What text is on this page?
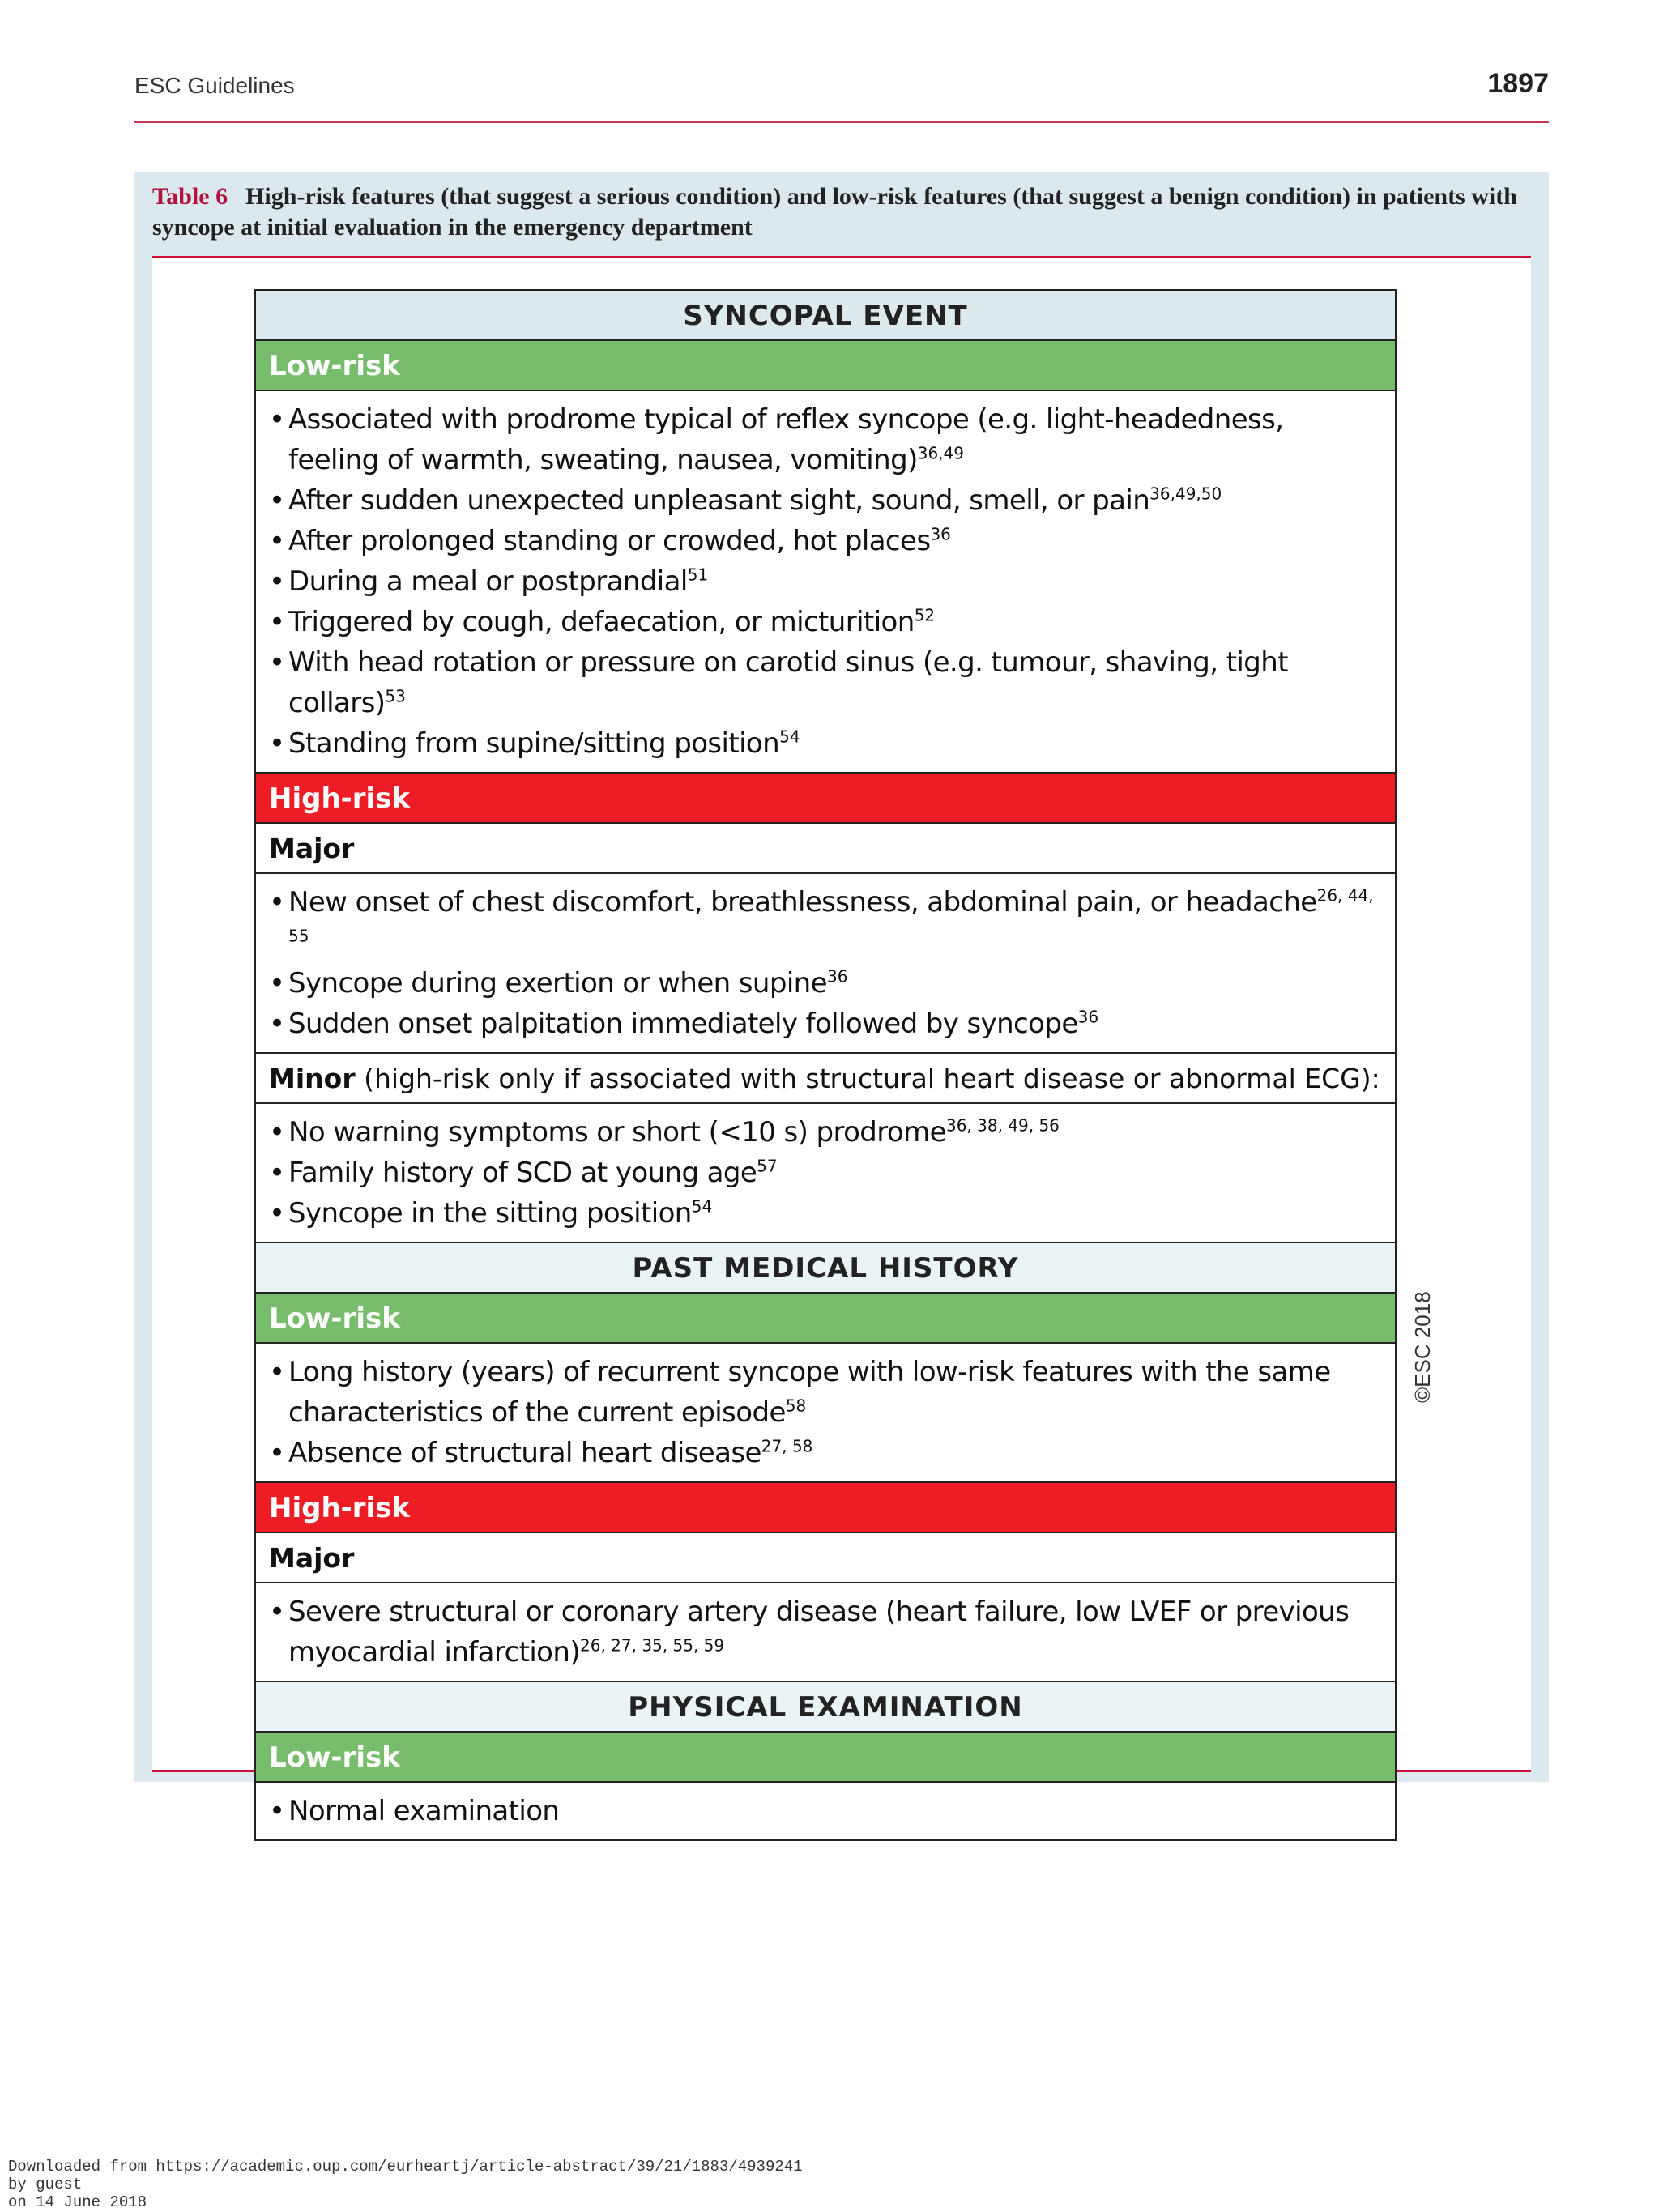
ESC Guidelines	1897
Table 6 High-risk features (that suggest a serious condition) and low-risk features (that suggest a benign condition) in patients with syncope at initial evaluation in the emergency department
SYNCOPAL EVENT
Low-risk
• Associated with prodrome typical of reflex syncope (e.g. light-headedness, feeling of warmth, sweating, nausea, vomiting)$^{36,49}$
• After sudden unexpected unpleasant sight, sound, smell, or pain$^{36,49,50}$
• After prolonged standing or crowded, hot places$^{36}$
• During a meal or postprandial$^{51}$
• Triggered by cough, defaecation, or micturition$^{52}$
• With head rotation or pressure on carotid sinus (e.g. tumour, shaving, tight collars)$^{53}$
• Standing from supine/sitting position$^{54}$
High-risk
Major
• New onset of chest discomfort, breathlessness, abdominal pain, or headache$^{26, 44, 55}$
• Syncope during exertion or when supine$^{36}$
• Sudden onset palpitation immediately followed by syncope$^{36}$
Minor (high-risk only if associated with structural heart disease or abnormal ECG):
• No warning symptoms or short (<10 s) prodrome$^{36, 38, 49, 56}$
• Family history of SCD at young age$^{57}$
• Syncope in the sitting position$^{54}$
PAST MEDICAL HISTORY
Low-risk
• Long history (years) of recurrent syncope with low-risk features with the same characteristics of the current episode$^{58}$
• Absence of structural heart disease$^{27, 58}$
High-risk
Major
• Severe structural or coronary artery disease (heart failure, low LVEF or previous myocardial infarction)$^{26, 27, 35, 55, 59}$
PHYSICAL EXAMINATION
Low-risk
• Normal examination
©ESC 2018
Downloaded from https://academic.oup.com/eurheartj/article-abstract/39/21/1883/4939241
by guest
on 14 June 2018
